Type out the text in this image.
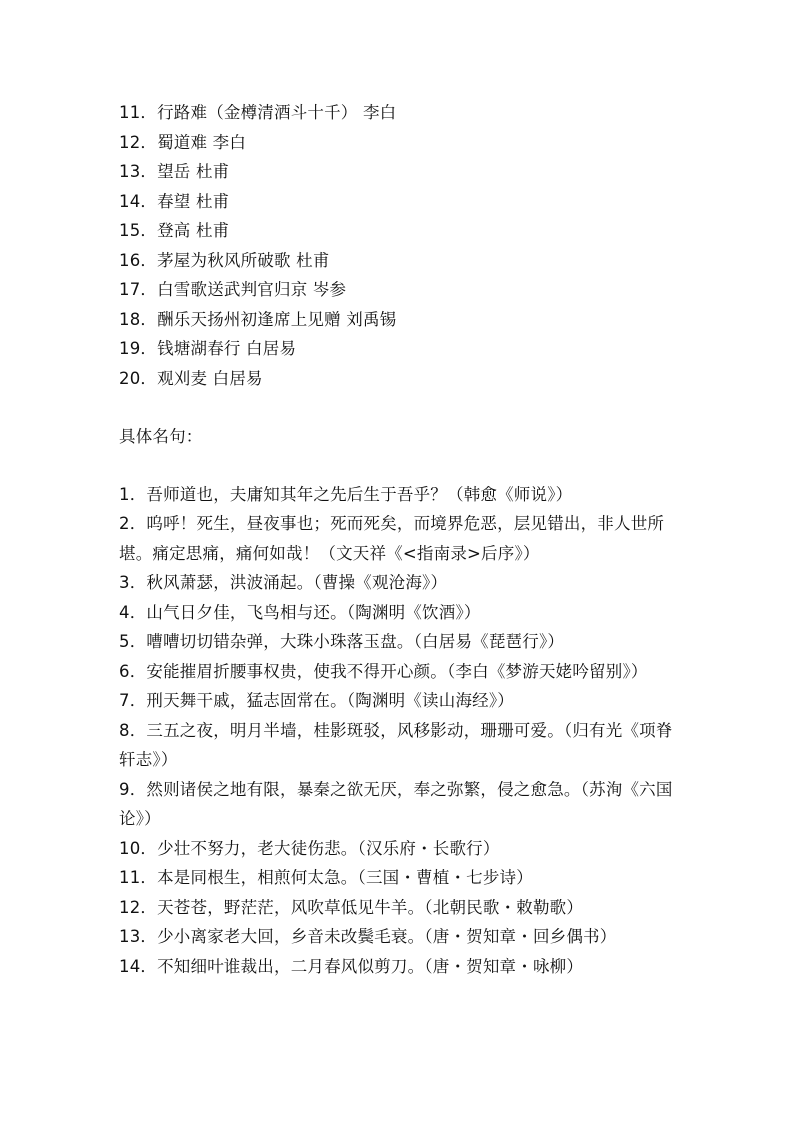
11．行路难（金樽清酒斗十千） 李白
12．蜀道难 李白
13．望岳 杜甫
14．春望 杜甫
15．登高 杜甫
16．茅屋为秋风所破歌 杜甫
17．白雪歌送武判官归京 岑参
18．酬乐天扬州初逢席上见赠 刘禹锡
19．钱塘湖春行 白居易
20．观刈麦 白居易
具体名句：
1．吾师道也，夫庸知其年之先后生于吾乎？（韩愈《师说》）
2．呜呼！死生，昼夜事也；死而死矣，而境界危恶，层见错出，非人世所堪。痛定思痛，痛何如哉！（文天祥《<指南录>后序》）
3．秋风萧瑟，洪波涌起。（曹操《观沧海》）
4．山气日夕佳，飞鸟相与还。（陶渊明《饮酒》）
5．嘈嘈切切错杂弹，大珠小珠落玉盘。（白居易《琵琶行》）
6．安能摧眉折腰事权贵，使我不得开心颜。（李白《梦游天姥吟留别》）
7．刑天舞干戚，猛志固常在。（陶渊明《读山海经》）
8．三五之夜，明月半墙，桂影斑驳，风移影动，珊珊可爱。（归有光《项脊轩志》）
9．然则诸侯之地有限，暴秦之欲无厌，奉之弥繁，侵之愈急。（苏洵《六国论》）
10．少壮不努力，老大徒伤悲。（汉乐府・长歌行）
11．本是同根生，相煎何太急。（三国・曹植・七步诗）
12．天苍苍，野茫茫，风吹草低见牛羊。（北朝民歌・敕勒歌）
13．少小离家老大回，乡音未改鬓毛衰。（唐・贺知章・回乡偶书）
14．不知细叶谁裁出，二月春风似剪刀。（唐・贺知章・咏柳）
